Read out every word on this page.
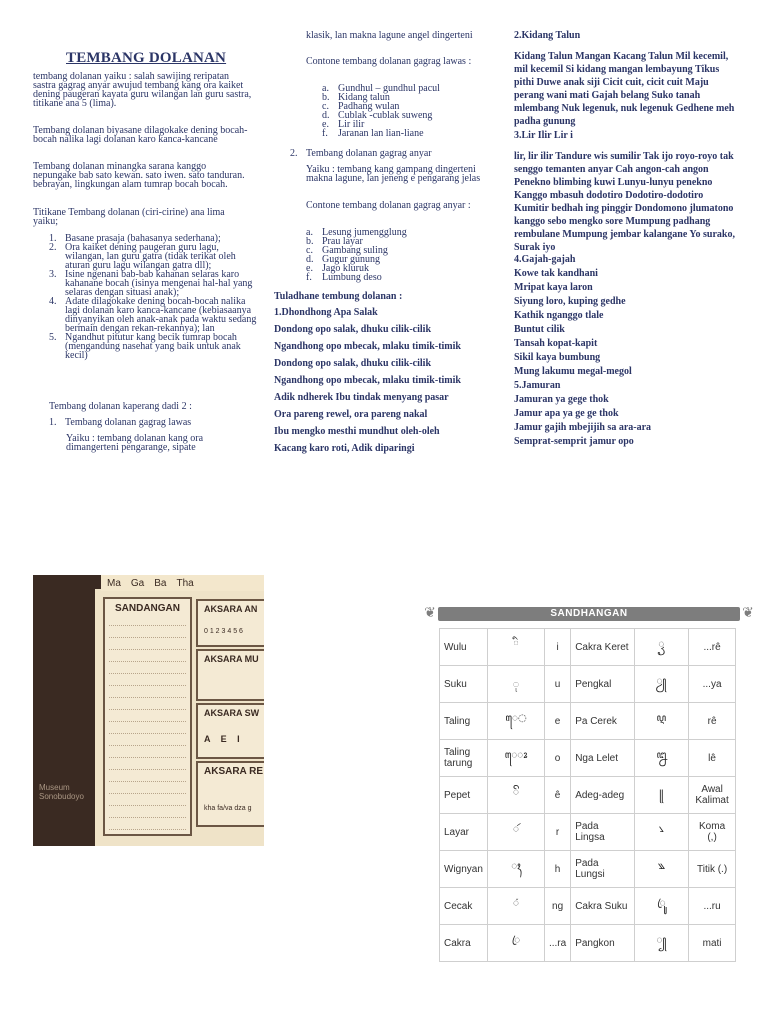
TEMBANG DOLANAN

tembang dolanan yaiku : salah sawijing reripatan sastra gagrag anyar awujud tembang kang ora kaiket dening paugeran kayata guru wilangan lan guru sastra, titikane ana 5 (lima).

Tembang dolanan biyasane dilagokake dening bocah-bocah nalika lagi dolanan karo kanca-kancane

Tembang dolanan minangka sarana kanggo nepungake bab sato kewan. sato iwen. sato tanduran. bebrayan, lingkungan alam tumrap bocah bocah.

Titikane Tembang dolanan (ciri-cirine) ana lima yaiku;

1. Basane prasaja (bahasanya sederhana);
2. Ora kaiket dening paugeran guru lagu, wilangan, lan guru gatra (tidak terikat oleh aturan guru lagu wilangan gatra dll);
3. Isine ngenani bab-bab kahanan selaras karo kahanane bocah (isinya mengenai hal-hal yang selaras dengan situasi anak);
4. Adate dilagokake dening bocah-bocah nalika lagi dolanan karo kanca-kancane (kebiasaanya dinyanyikan oleh anak-anak pada waktu sedang bermain dengan rekan-rekannya); lan
5. Ngandhut pitutur kang becik tumrap bocah (mengandung nasehat yang baik untuk anak kecil)

Tembang dolanan kaperang dadi 2 :

1. Tembang dolanan gagrag lawas

Yaiku : tembang dolanan kang ora dimangerteni pengarange, sipate

klasik, lan makna lagune angel dingerteni

Contone tembang dolanan gagrag lawas :

a. Gundhul – gundhul pacul
b. Kidang talun
c. Padhang wulan
d. Cublak -cublak suweng
e. Lir ilir
f.	Jaranan lan lian-liane
2. Tembang dolanan gagrag anyar

Yaiku : tembang kang gampang dingerteni makna lagune, lan jeneng e pengarang jelas

Contone tembang dolanan gagrag anyar :

a. Lesung jumengglung
b. Prau layar
c. Gambang suling
d. Gugur gunung
e. Jago kluruk
f.	Lumbung deso

Tuladhane tembung dolanan :

1.Dhondhong Apa Salak

Dondong opo salak, dhuku cilik-cilik

Ngandhong opo mbecak, mlaku timik-timik

Dondong opo salak, dhuku cilik-cilik

Ngandhong opo mbecak, mlaku timik-timik

Adik ndherek Ibu tindak menyang pasar

Ora pareng rewel, ora pareng nakal

Ibu mengko mesthi mundhut oleh-oleh

Kacang karo roti, Adik diparingi

2.Kidang Talun

Kidang Talun Mangan Kacang Talun Mil kecemil, mil kecemil Si kidang mangan lembayung Tikus pithi Duwe anak siji Cicit cuit, cicit cuit Maju perang wani mati Gajah belang Suko tanah mlembang Nuk legenuk, nuk legenuk Gedhene meh padha gunung

3.Lir Ilir Lir i

lir, lir ilir Tandure wis sumilir Tak ijo royo-royo tak senggo temanten anyar Cah angon-cah angon Penekno blimbing kuwi Lunyu-lunyu penekno Kanggo mbasuh dodotiro Dodotiro-dodotiro Kumitir bedhah ing pinggir Dondomono jlumatono kanggo sebo mengko sore Mumpung padhang rembulane Mumpung jembar kalangane Yo surako, Surak iyo

4.Gajah-gajah

Kowe tak kandhani

Mripat kaya laron

Siyung loro, kuping gedhe

Kathik nganggo tlale

Buntut cilik

Tansah kopat-kapit

Sikil kaya bumbung

Mung lakumu megal-megol

5.Jamuran

Jamuran ya gege thok

Jamur apa ya ge ge thok

Jamur gajih mbejijih sa ara-ara

Semprat-semprit jamur opo

Ma Ga Ba Tha
SANDANGAN	AKSARA AN
0 1 2 3 4 5 6
AKSARA MU
AKSARA SW
A E I
AKSARA RE
kha fa/va dza g
Museum Sonobudoyo
❦	SANDHANGAN	❦
Wulu	◌ི	i	Cakra Keret	◌ꦽ	...rê
Suku	◌ု	u	Pengkal	◌ꦾ	...ya
Taling	ꦺ◌	e	Pa Cerek	ꦉ	rê
Taling tarung	ꦺ◌ꦴ	o	Nga Lelet	ꦊ	lê
Pepet	◌ꦼ	ê	Adeg-adeg	꧋	Awal Kalimat
Layar	◌ꦂ	r	Pada Lingsa	꧈	Koma (,)
Wignyan	◌ꦃ	h	Pada Lungsi	꧉	Titik (.)
Cecak	◌ꦁ	ng	Cakra Suku	◌ꦿꦸ	...ru
Cakra	◌ꦿ	...ra	Pangkon	◌꧀	mati
